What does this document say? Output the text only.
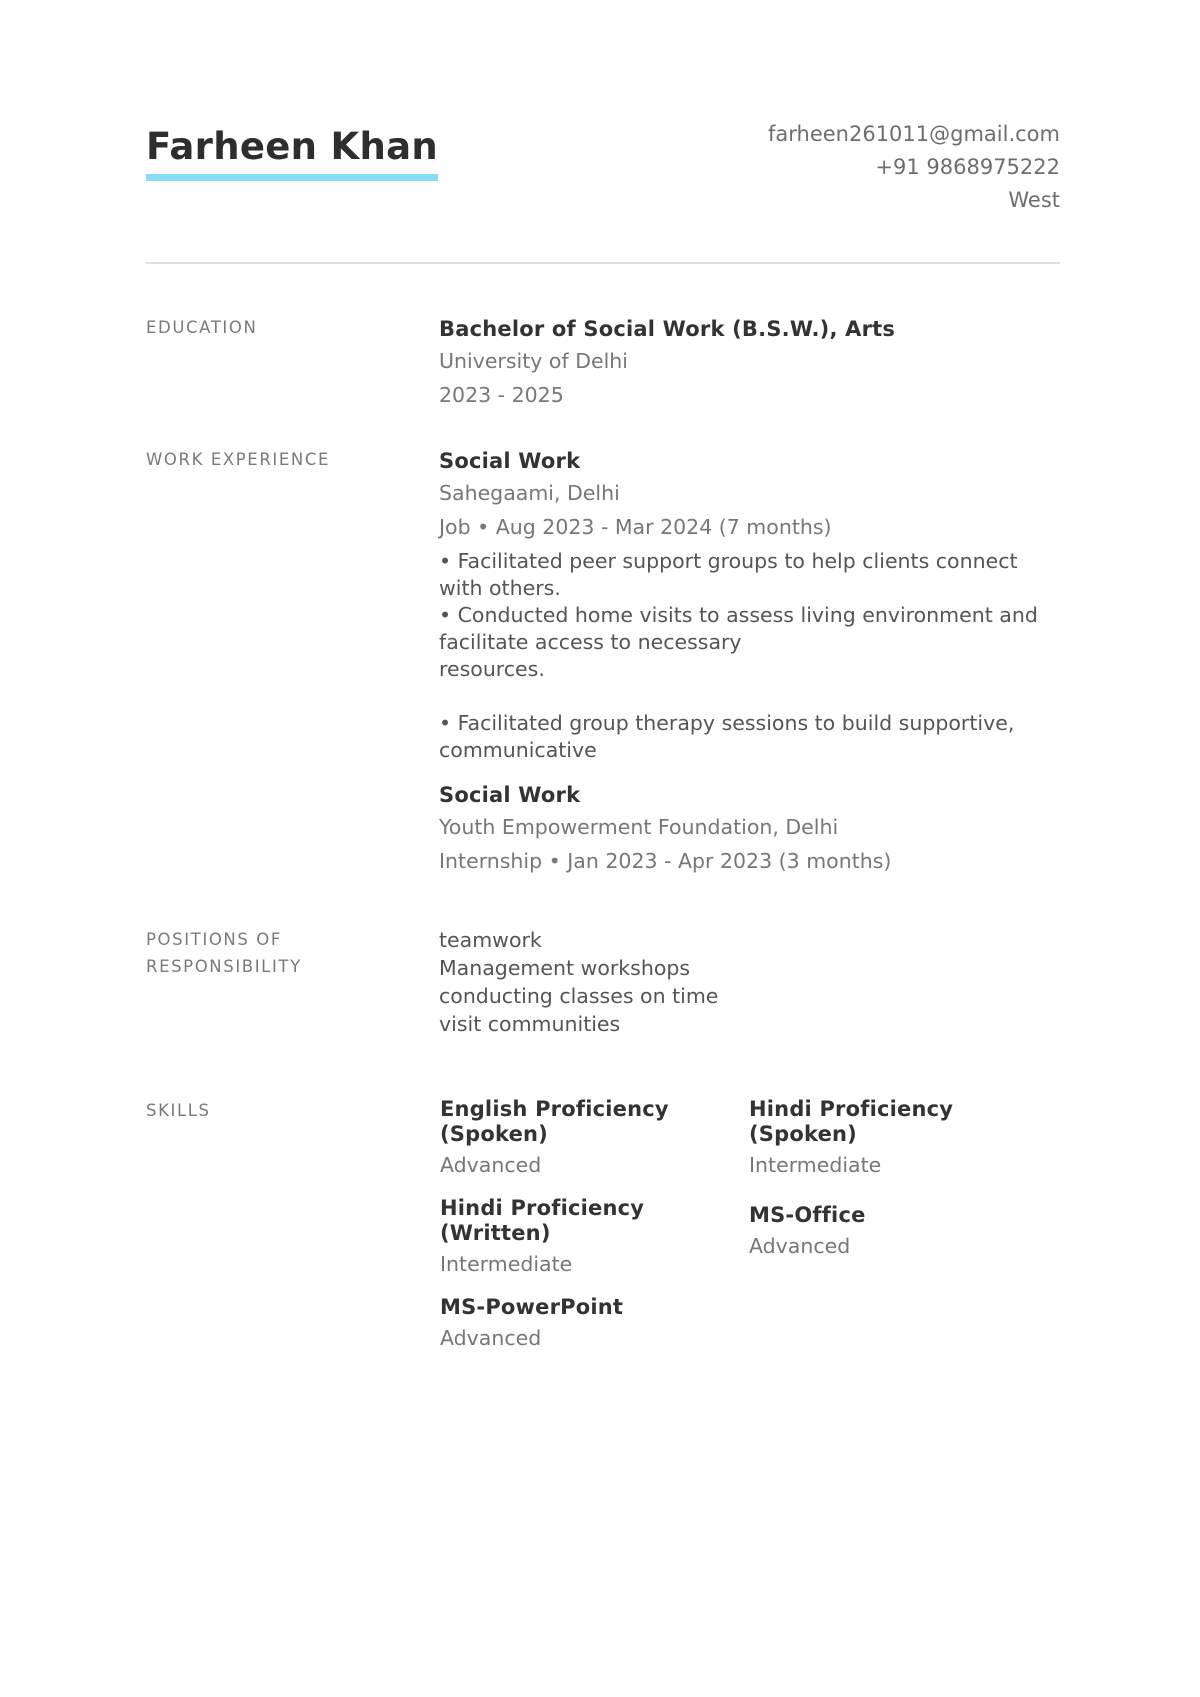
Farheen Khan	farheen261011@gmail.com
+91 9868975222
West
EDUCATION	Bachelor of Social Work (B.S.W.), Arts
University of Delhi
2023 - 2025
WORK EXPERIENCE	Social Work
Sahegaami, Delhi
Job • Aug 2023 - Mar 2024 (7 months)
• Facilitated peer support groups to help clients connect
with others.
• Conducted home visits to assess living environment and
facilitate access to necessary
resources.
• Facilitated group therapy sessions to build supportive,
communicative
Social Work
Youth Empowerment Foundation, Delhi
Internship • Jan 2023 - Apr 2023 (3 months)
POSITIONS OF
RESPONSIBILITY
teamwork
Management workshops
conducting classes on time
visit communities
SKILLS	English Proficiency
(Spoken)
Advanced
Hindi Proficiency
(Written)
Intermediate
MS-PowerPoint
Advanced
Hindi Proficiency
(Spoken)
Intermediate
MS-Office
Advanced
